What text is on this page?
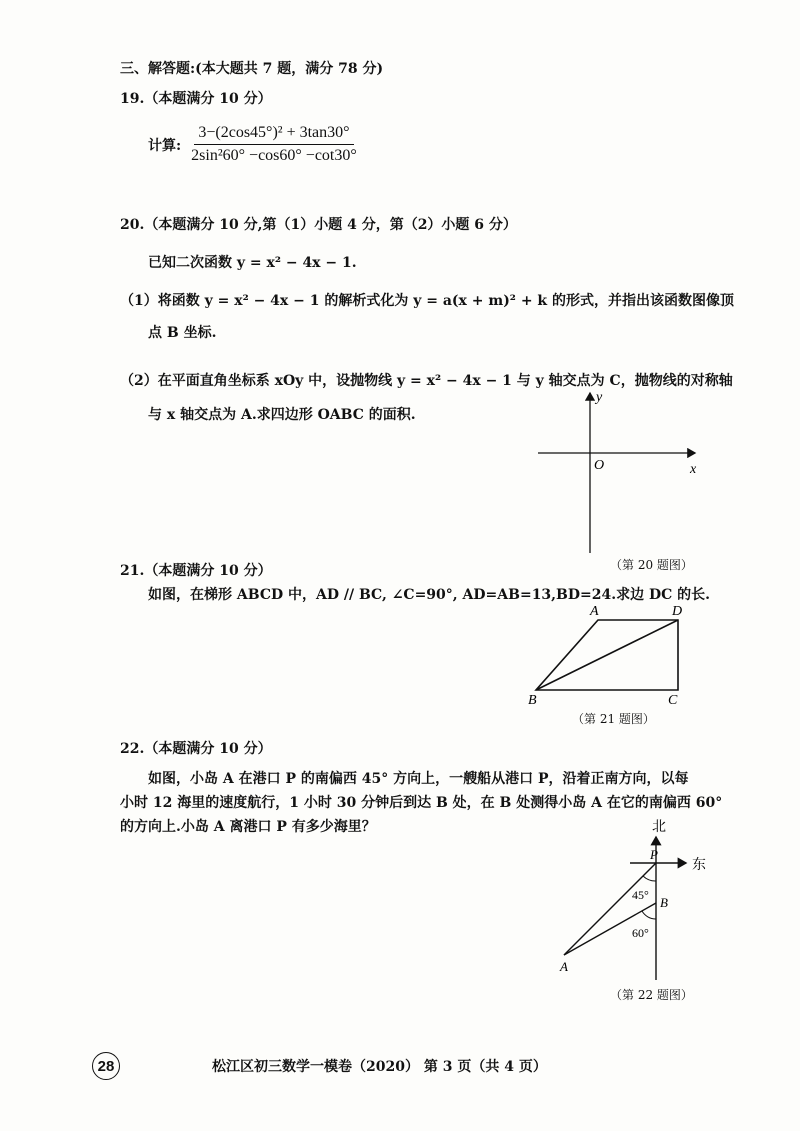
三、解答题:(本大题共 7 题，满分 78 分)
19.（本题满分 10 分）
计算: $\frac{\text{3−(2cos45°)² + 3tan30°}}{\text{2sin²60° −cos60° −cot30°}}$
20.（本题满分 10 分,第（1）小题 4 分，第（2）小题 6 分）
已知二次函数 y = x² − 4x − 1.
（1）将函数 y = x² − 4x − 1 的解析式化为 y = a(x + m)² + k 的形式，并指出该函数图像顶
点 B 坐标.
（2）在平面直角坐标系 xOy 中，设抛物线 y = x² − 4x − 1 与 y 轴交点为 C，抛物线的对称轴
与 x 轴交点为 A.求四边形 OABC 的面积.
x
y
O
（第 20 题图）
21.（本题满分 10 分）
如图，在梯形 ABCD 中，AD // BC, ∠C=90°, AD=AB=13,BD=24.求边 DC 的长.
A	D
B	C
（第 21 题图）
22.（本题满分 10 分）
如图，小岛 A 在港口 P 的南偏西 45° 方向上，一艘船从港口 P，沿着正南方向，以每
小时 12 海里的速度航行，1 小时 30 分钟后到达 B 处，在 B 处测得小岛 A 在它的南偏西 60°
的方向上.小岛 A 离港口 P 有多少海里？	北
东
P
B
A
45°
60°
（第 22 题图）
28	松江区初三数学一模卷（2020） 第 3 页（共 4 页）
